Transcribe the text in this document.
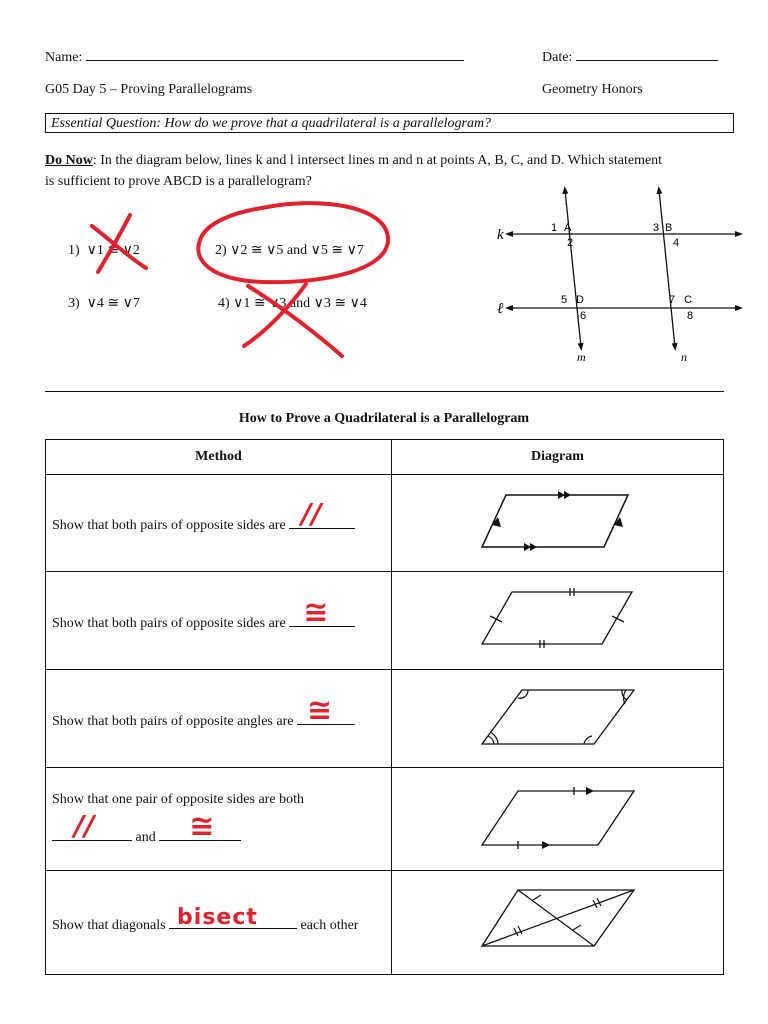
Name:	Date:
G05 Day 5 – Proving Parallelograms	Geometry Honors
Essential Question: How do we prove that a quadrilateral is a parallelogram?
Do Now: In the diagram below, lines k and l intersect lines m and n at points A, B, C, and D. Which statement
is sufficient to prove ABCD is a parallelogram?
1) ∨1 ≅ ∨2	2) ∨2 ≅ ∨5 and ∨5 ≅ ∨7
3) ∨4 ≅ ∨7	4) ∨1 ≅ ∨3 and ∨3 ≅ ∨4
k
ℓ
m	n
A	B
C
D
1
2
3
4
5
6
7
8
How to Prove a Quadrilateral is a Parallelogram
Method	Diagram
Show that both pairs of opposite sides are //

Show that both pairs of opposite sides are ≅

Show that both pairs of opposite angles are ≅

Show that one pair of opposite sides are both
// and ≅

Show that diagonals bisect each other	
